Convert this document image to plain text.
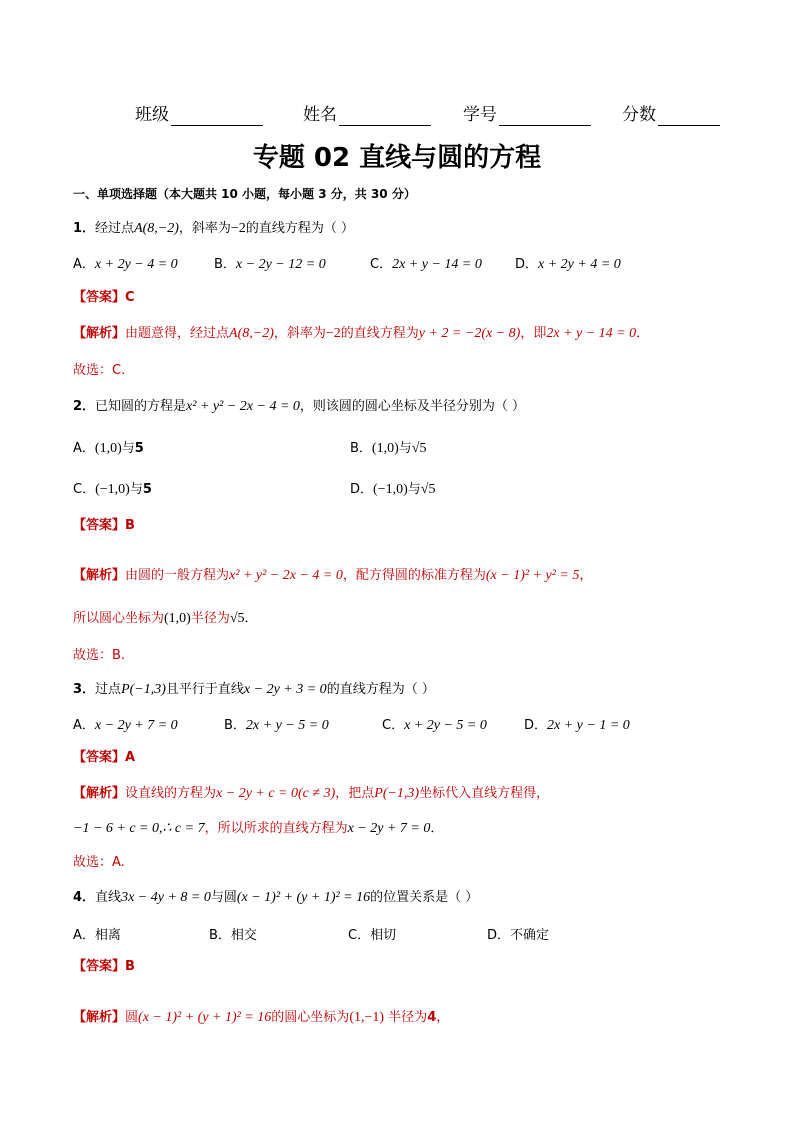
班级	姓名	学号	分数
专题 02 直线与圆的方程
一、单项选择题（本大题共 10 小题，每小题 3 分，共 30 分）
1．经过点A(8,−2)，斜率为−2的直线方程为（ ）
A．x + 2y − 4 = 0	B．x − 2y − 12 = 0	C．2x + y − 14 = 0	D．x + 2y + 4 = 0
【答案】C
【解析】由题意得，经过点A(8,−2)，斜率为−2的直线方程为y + 2 = −2(x − 8)，即2x + y − 14 = 0．
故选：C.
2．已知圆的方程是x² + y² − 2x − 4 = 0，则该圆的圆心坐标及半径分别为（ ）
A．(1,0)与5	B．(1,0)与√5
C．(−1,0)与5	D．(−1,0)与√5
【答案】B
【解析】由圆的一般方程为x² + y² − 2x − 4 = 0，配方得圆的标准方程为(x − 1)² + y² = 5，
所以圆心坐标为(1,0)半径为√5．
故选：B.
3．过点P(−1,3)且平行于直线x − 2y + 3 = 0的直线方程为（ ）
A．x − 2y + 7 = 0	B．2x + y − 5 = 0	C．x + 2y − 5 = 0	D．2x + y − 1 = 0
【答案】A
【解析】设直线的方程为x − 2y + c = 0(c ≠ 3)，把点P(−1,3)坐标代入直线方程得，
−1 − 6 + c = 0,∴ c = 7，所以所求的直线方程为x − 2y + 7 = 0．
故选：A.
4．直线3x − 4y + 8 = 0与圆(x − 1)² + (y + 1)² = 16的位置关系是（ ）
A．相离	B．相交	C．相切	D．不确定
【答案】B
【解析】圆(x − 1)² + (y + 1)² = 16的圆心坐标为(1,−1) 半径为4，
